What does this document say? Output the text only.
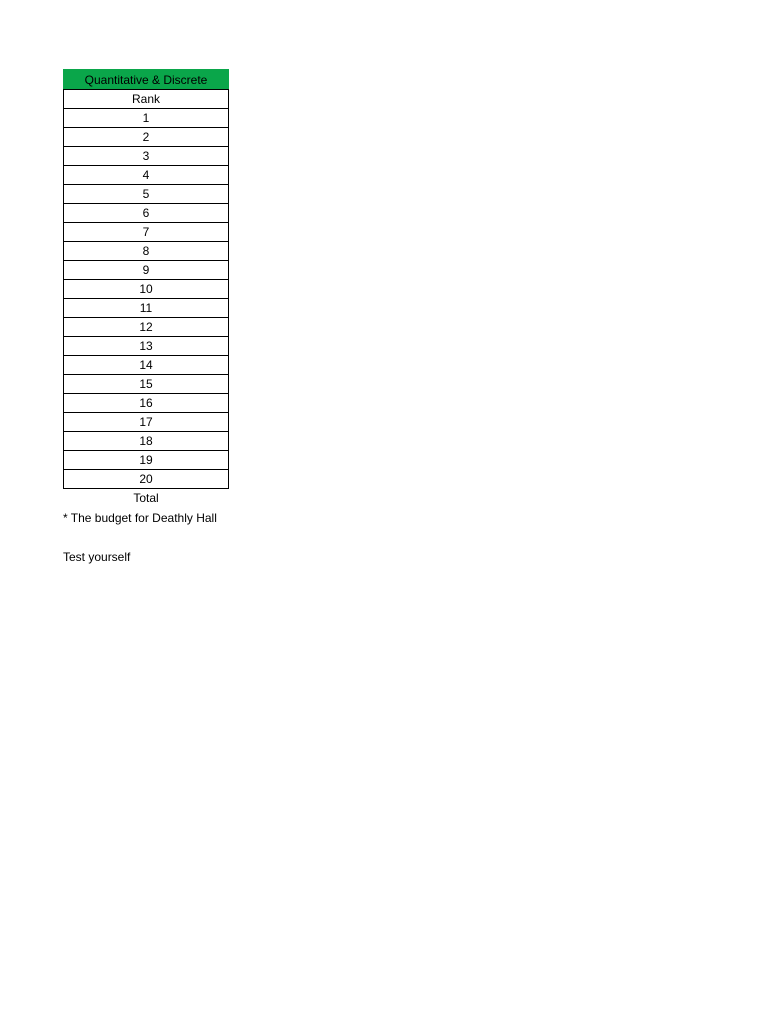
Quantitative & Discrete
Rank
1
2
3
4
5
6
7
8
9
10
11
12
13
14
15
16
17
18
19
20
Total
* The budget for Deathly Hall
Test yourself
